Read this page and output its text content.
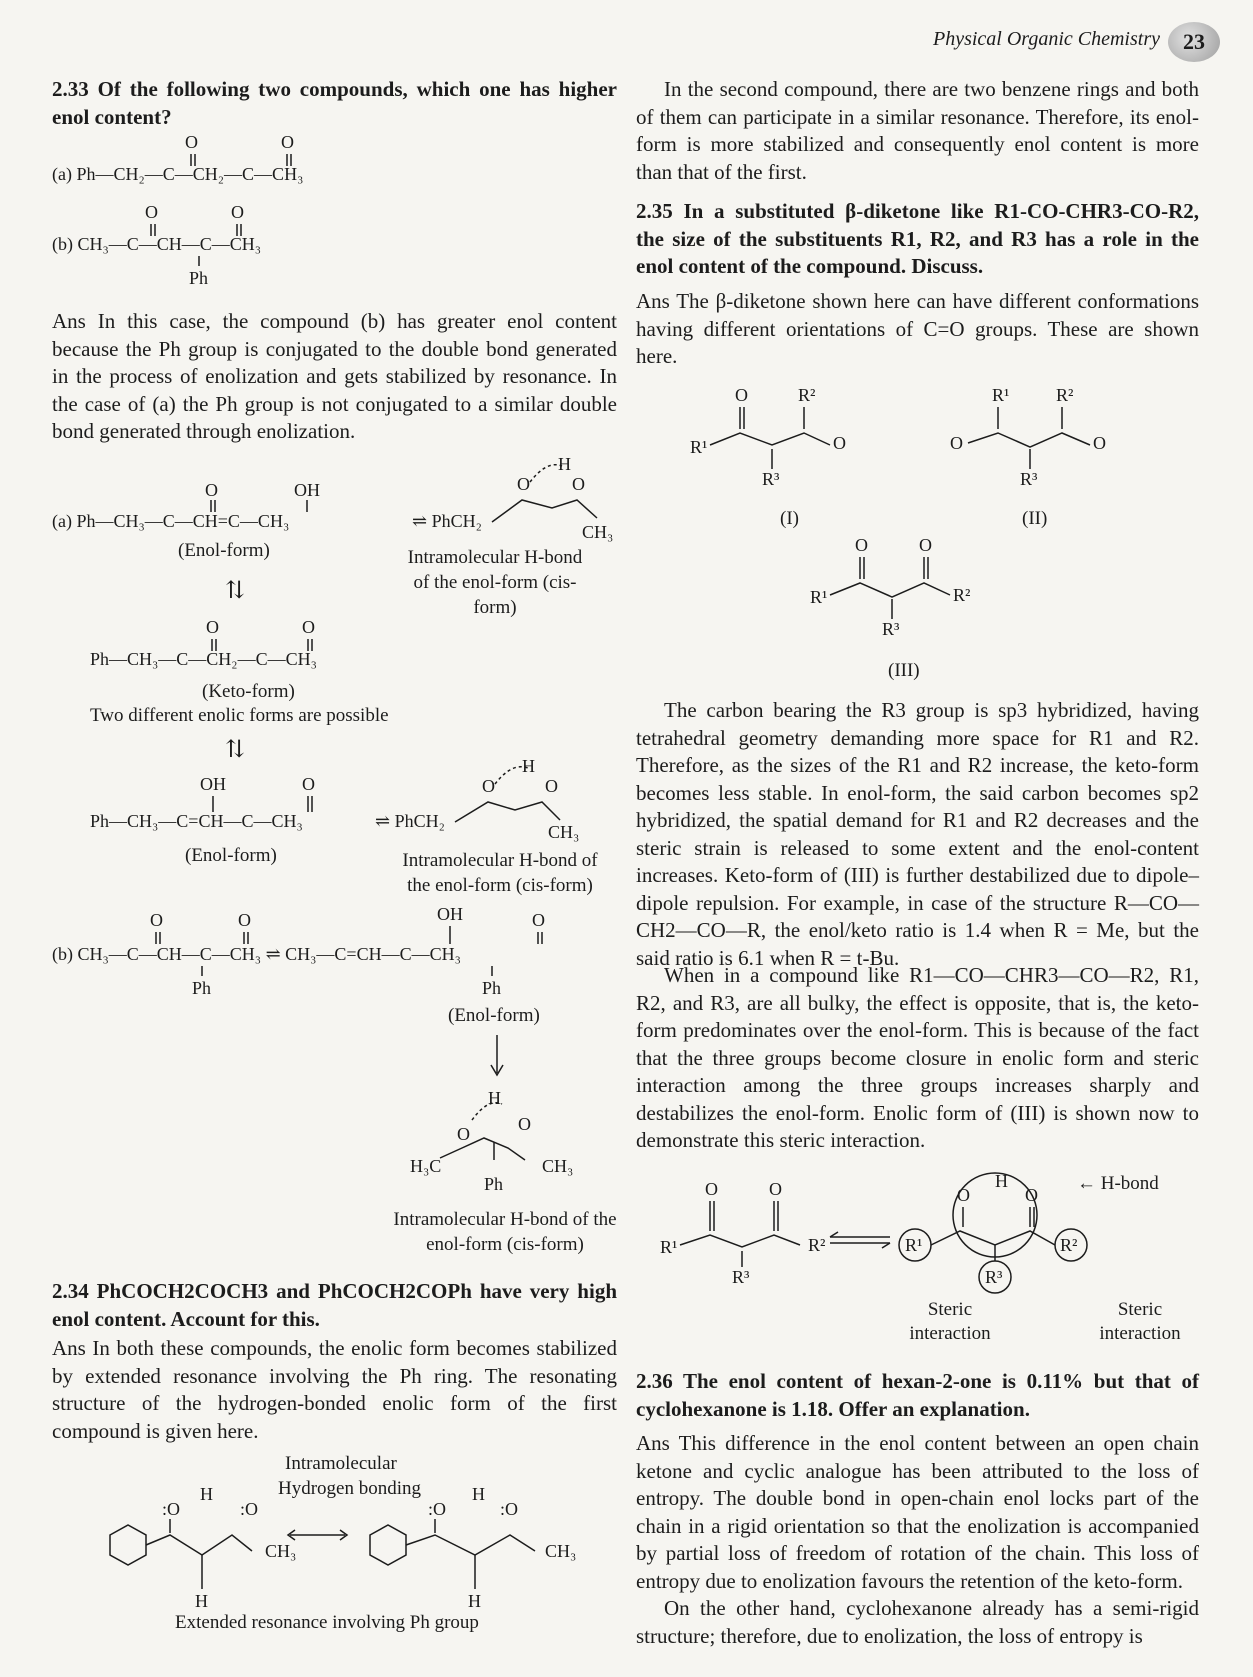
Physical Organic Chemistry	23

2.33 Of the following two compounds, which one has higher enol content?

(a) Ph—CH₂—C—CH₂—C—CH₃
O	O
(b) CH₃—C—CH—C—CH₃
O	O
Ph

Ans In this case, the compound (b) has greater enol content because the Ph group is conjugated to the double bond generated in the process of enolization and gets stabilized by resonance. In the case of (a) the Ph group is not conjugated to a similar double bond generated through enolization.

(a) Ph—CH₃—C—CH=C—CH₃
O	OH
⇌ PhCH₂
O O
H
CH₃
(Enol-form)	Intramolecular H-bond of the enol-form (cis-form)
⇅
Ph—CH₃—C—CH₂—C—CH₃
O	O
(Keto-form)
Two different enolic forms are possible
⇅
Ph—CH₃—C=CH—C—CH₃
OH	O
⇌ PhCH₂
O	O
H
CH₃
(Enol-form)	Intramolecular H-bond of the enol-form (cis-form)
(b) CH₃—C—CH—C—CH₃ ⇌ CH₃—C=CH—C—CH₃
O	O
Ph
OH	O
Ph
(Enol-form)
O	O
H
H₃C	CH₃
Ph
Intramolecular H-bond of the enol-form (cis-form)

2.34 PhCOCH2COCH3 and PhCOCH2COPh have very high enol content. Account for this.

Ans In both these compounds, the enolic form becomes stabilized by extended resonance involving the Ph ring. The resonating structure of the hydrogen-bonded enolic form of the first compound is given here.

Intramolecular
Hydrogen bonding
:O	:O
H
CH₃
H
:O	:O
H
CH₃
H
Extended resonance involving Ph group

In the second compound, there are two benzene rings and both of them can participate in a similar resonance. Therefore, its enol-form is more stabilized and consequently enol content is more than that of the first.

2.35 In a substituted β-diketone like R1-CO-CHR3-CO-R2, the size of the substituents R1, R2, and R3 has a role in the enol content of the compound. Discuss.

Ans The β-diketone shown here can have different conformations having different orientations of C=O groups. These are shown here.

R¹
O	R²
O
R³
(I)
O
R¹	R²
O
R³
(II)
R¹
O	O
R²
R³
(III)

The carbon bearing the R3 group is sp3 hybridized, having tetrahedral geometry demanding more space for R1 and R2. Therefore, as the sizes of the R1 and R2 increase, the keto-form becomes less stable. In enol-form, the said carbon becomes sp2 hybridized, the spatial demand for R1 and R2 decreases and the steric strain is released to some extent and the enol-content increases. Keto-form of (III) is further destabilized due to dipole–dipole repulsion. For example, in case of the structure R—CO—CH2—CO—R, the enol/keto ratio is 1.4 when R = Me, but the said ratio is 6.1 when R = t-Bu.

When in a compound like R1—CO—CHR3—CO—R2, R1, R2, and R3, are all bulky, the effect is opposite, that is, the keto-form predominates over the enol-form. This is because of the fact that the three groups become closure in enolic form and steric interaction among the three groups increases sharply and destabilizes the enol-form. Enolic form of (III) is shown now to demonstrate this steric interaction.

R¹
O	O
R²
R³
R¹
O	O
R²
R³
H	← H-bond
Steric
interaction
Steric
interaction

2.36 The enol content of hexan-2-one is 0.11% but that of cyclohexanone is 1.18. Offer an explanation.

Ans This difference in the enol content between an open chain ketone and cyclic analogue has been attributed to the loss of entropy. The double bond in open-chain enol locks part of the chain in a rigid orientation so that the enolization is accompanied by partial loss of freedom of rotation of the chain. This loss of entropy due to enolization favours the retention of the keto-form.

On the other hand, cyclohexanone already has a semi-rigid structure; therefore, due to enolization, the loss of entropy is
